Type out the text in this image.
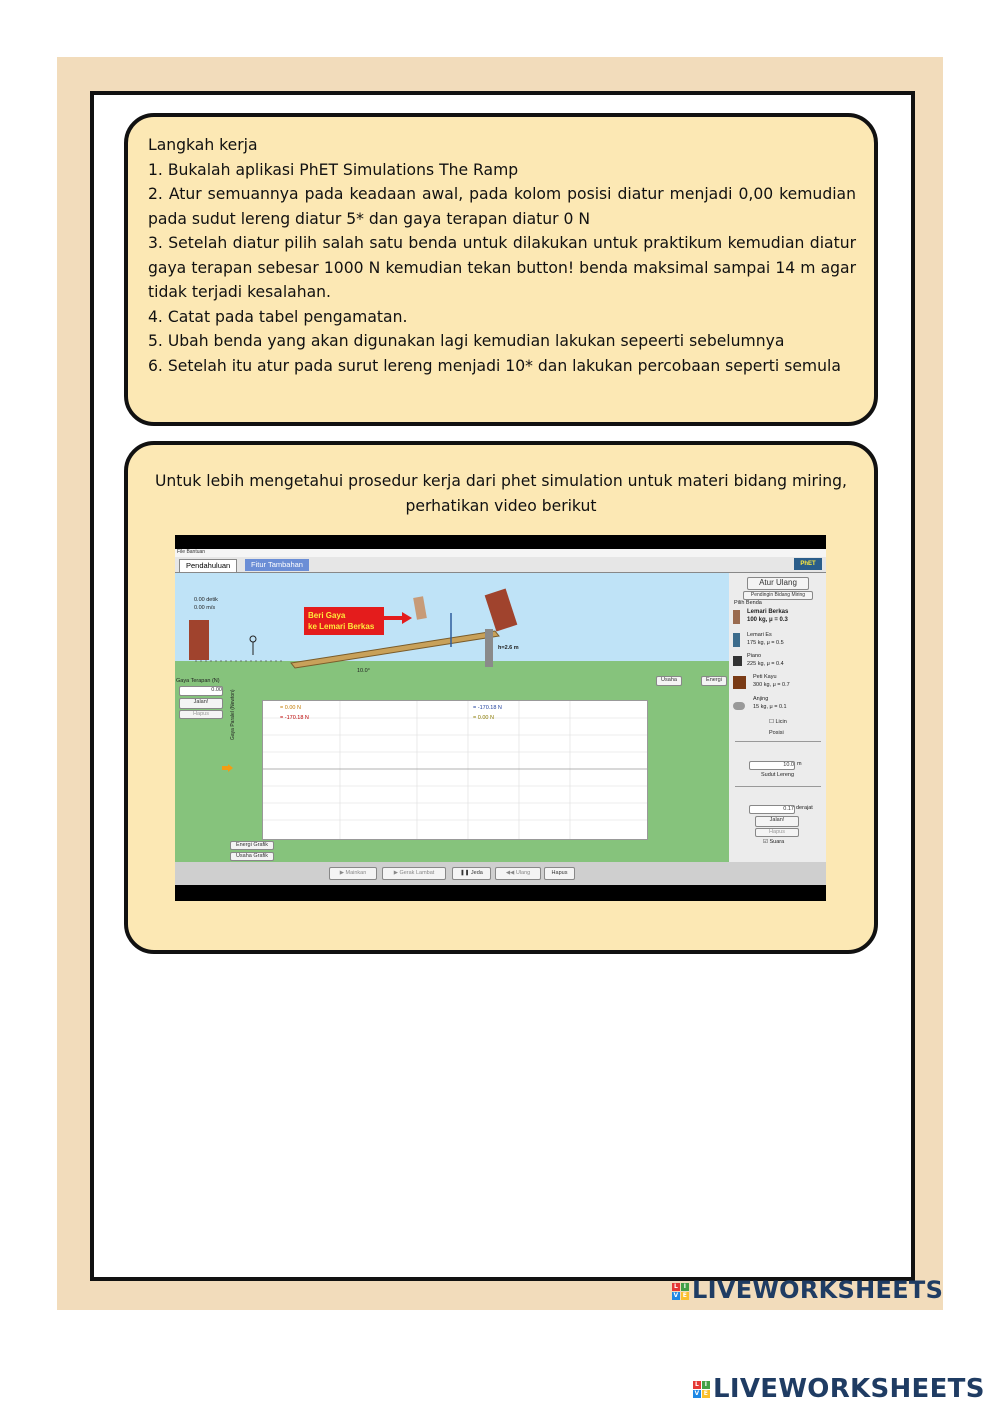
Langkah kerja

1. Bukalah aplikasi PhET Simulations The Ramp

2. Atur semuannya pada keadaan awal, pada kolom posisi diatur menjadi 0,00 kemudian pada sudut lereng diatur 5* dan gaya terapan diatur 0 N

3. Setelah diatur pilih salah satu benda untuk dilakukan untuk praktikum kemudian diatur gaya terapan sebesar 1000 N kemudian tekan button! benda maksimal sampai 14 m agar tidak terjadi kesalahan.

4. Catat pada tabel pengamatan.

5. Ubah benda yang akan digunakan lagi kemudian lakukan sepeerti sebelumnya

6. Setelah itu atur pada surut lereng menjadi 10* dan lakukan percobaan seperti semula

Untuk lebih mengetahui prosedur kerja dari phet simulation untuk materi bidang miring, perhatikan video berikut
File Bantuan
Pendahuluan	Fitur Tambahan	PhET
0.00 detik
0.00 m/s
Beri Gaya
ke Lemari Berkas
10.0°
h=2.6 m
Usaha	Energi
Gaya Terapan (N)
0.00
Jalan!
Hapus
= 0.00 N
= -170.18 N
= -170.18 N
= 0.00 N
Gaya Paralel (Newton)
Energi Grafik
Usaha Grafik
Atur Ulang
Pendingin Bidang Miring
Pilih Benda
Lemari Berkas
100 kg, μ = 0.3
Lemari Es
175 kg, μ = 0.5
Piano
225 kg, μ = 0.4
Peti Kayu
300 kg, μ = 0.7
Anjing
15 kg, μ = 0.1
☐ Licin
Posisi
10.0 m
Sudut Lereng
0.17 derajat
Jalan!
Hapus
☑ Suara
▶ Mainkan	▶ Gerak Lambat	❚❚ Jeda	◀◀ Ulang	Hapus
L I
V E LIVEWORKSHEETS
L I
V E LIVEWORKSHEETS
